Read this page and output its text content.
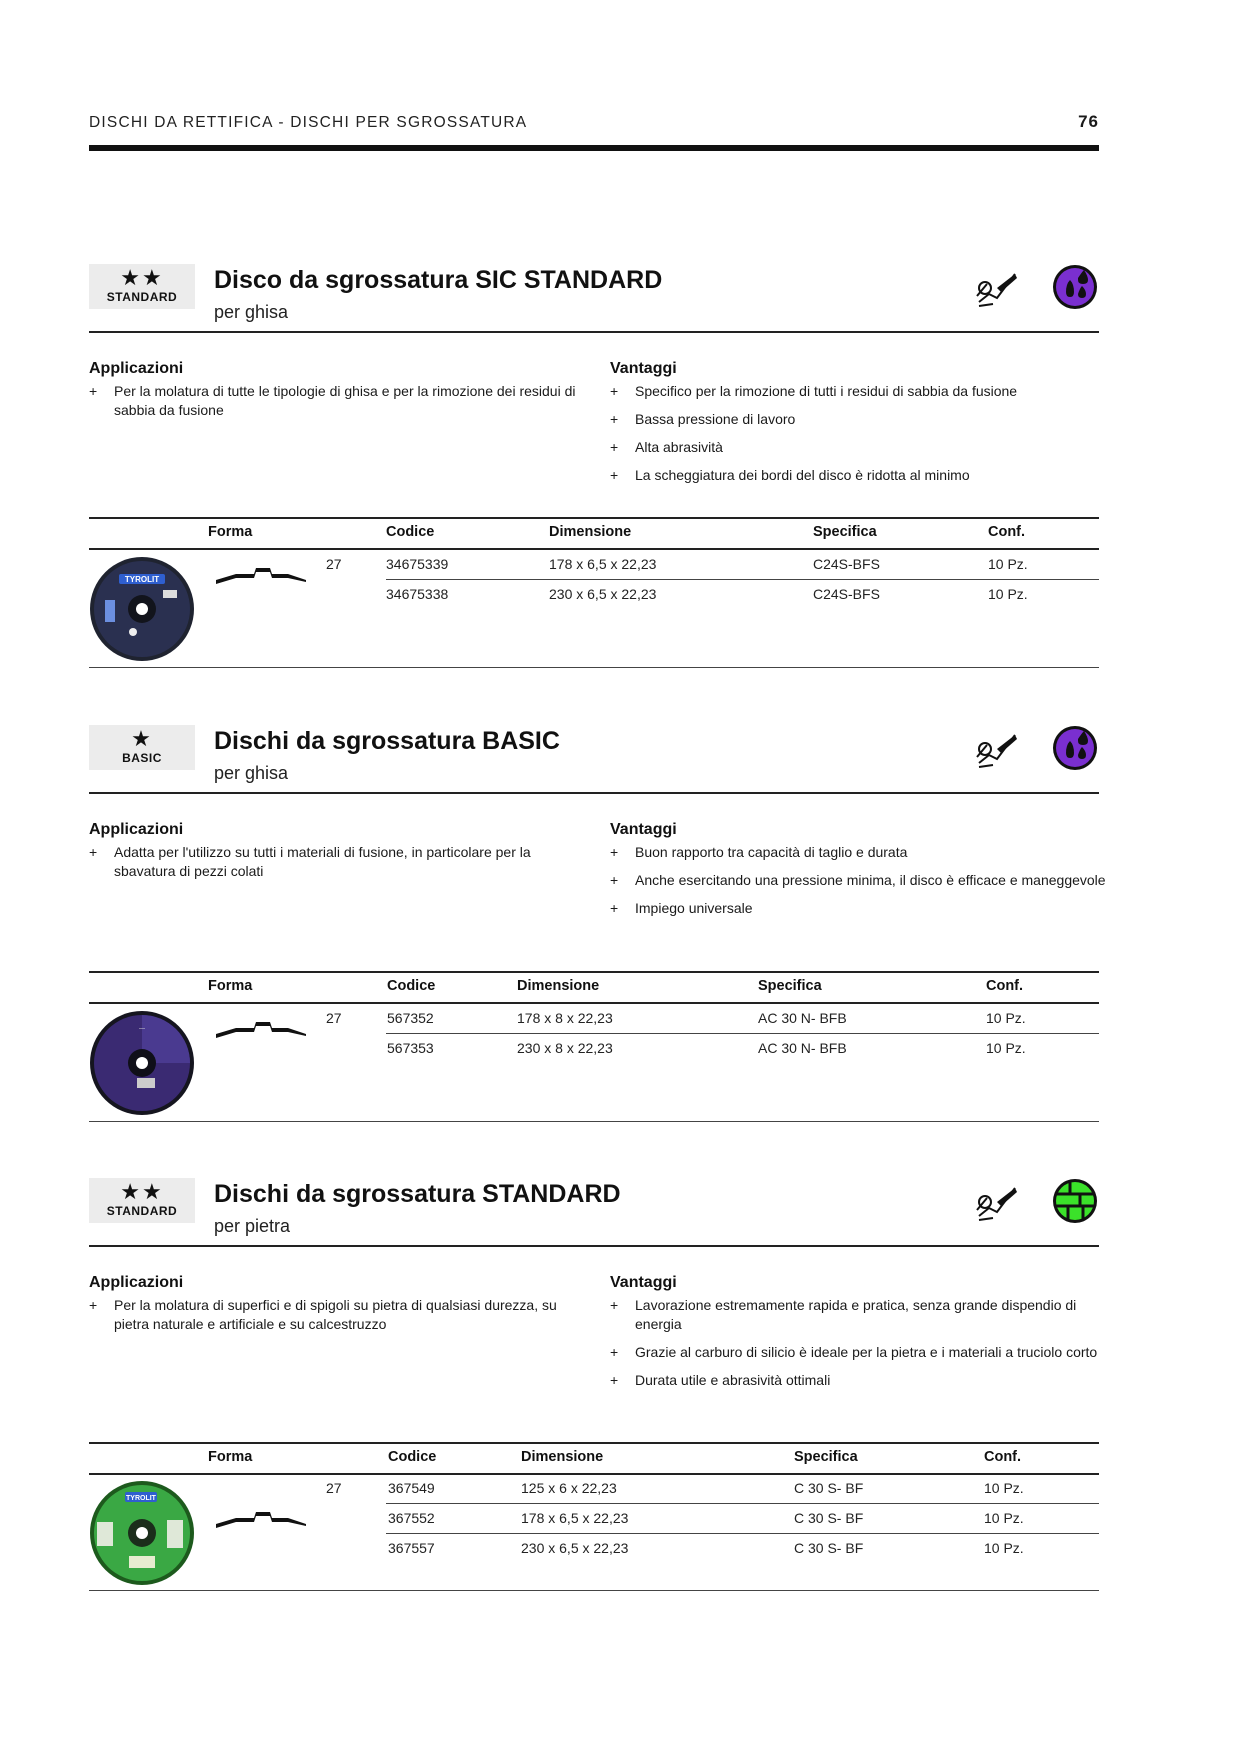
DISCHI DA RETTIFICA - DISCHI PER SGROSSATURA	76
★★
STANDARD
Disco da sgrossatura SIC STANDARD
per ghisa
Applicazioni
+ Per la molatura di tutte le tipologie di ghisa e per la rimozione dei residui di sabbia da fusione
Vantaggi
+ Specifico per la rimozione di tutti i residui di sabbia da fusione
+ Bassa pressione di lavoro
+ Alta abrasività
+ La scheggiatura dei bordi del disco è ridotta al minimo
Forma	Codice	Dimensione	Specifica	Conf.
TYROLIT
27	34675339	178 x 6,5 x 22,23	C24S-BFS	10 Pz.
34675338	230 x 6,5 x 22,23	C24S-BFS	10 Pz.
★
BASIC
Dischi da sgrossatura BASIC
per ghisa
Applicazioni
+ Adatta per l'utilizzo su tutti i materiali di fusione, in particolare per la sbavatura di pezzi colati
Vantaggi
+ Buon rapporto tra capacità di taglio e durata
+ Anche esercitando una pressione minima, il disco è efficace e maneggevole
+ Impiego universale
Forma	Codice	Dimensione	Specifica	Conf.
—
27	567352	178 x 8 x 22,23	AC 30 N- BFB	10 Pz.
567353	230 x 8 x 22,23	AC 30 N- BFB	10 Pz.
★★
STANDARD
Dischi da sgrossatura STANDARD
per pietra
Applicazioni
+ Per la molatura di superfici e di spigoli su pietra di qualsiasi durezza, su pietra naturale e artificiale e su calcestruzzo
Vantaggi
+ Lavorazione estremamente rapida e pratica, senza grande dispendio di energia
+ Grazie al carburo di silicio è ideale per la pietra e i materiali a truciolo corto
+ Durata utile e abrasività ottimali
Forma	Codice	Dimensione	Specifica	Conf.
TYROLIT
27	367549	125 x 6 x 22,23	C 30 S- BF	10 Pz.
367552	178 x 6,5 x 22,23	C 30 S- BF	10 Pz.
367557	230 x 6,5 x 22,23	C 30 S- BF	10 Pz.
